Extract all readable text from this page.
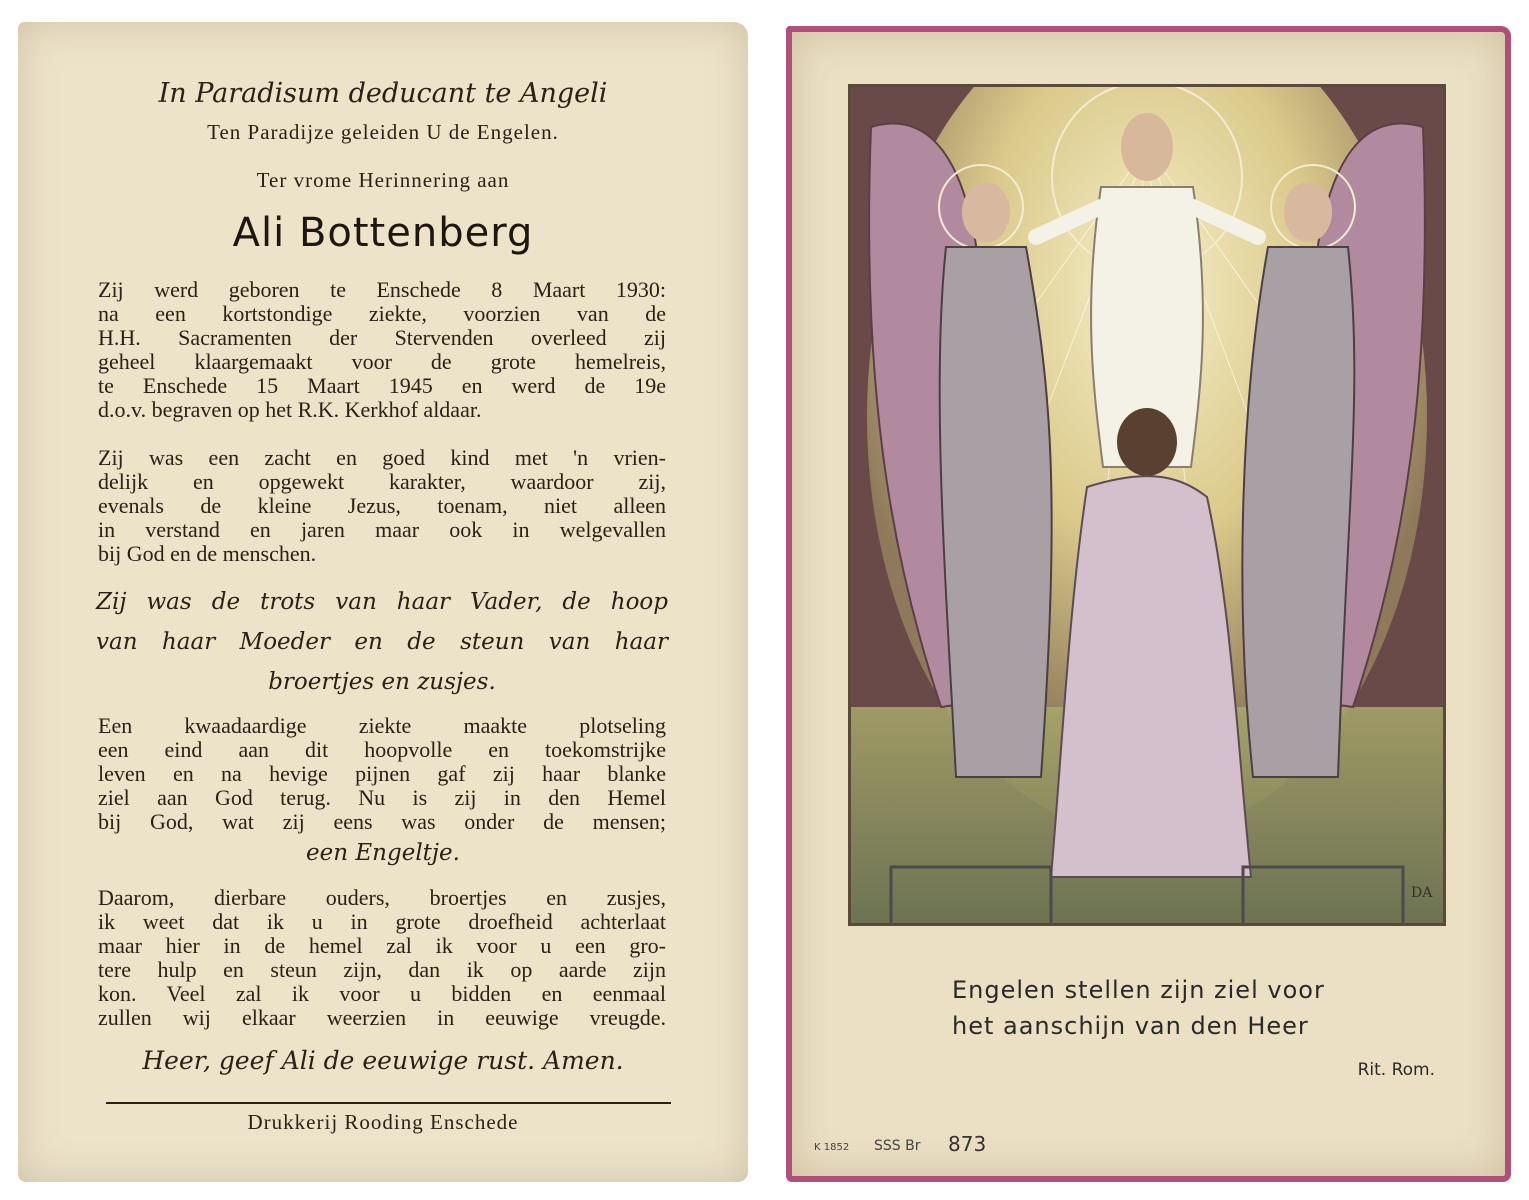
In Paradisum deducant te Angeli
Ten Paradijze geleiden U de Engelen.
Ter vrome Herinnering aan
Ali Bottenberg
Zij werd geboren te Enschede 8 Maart 1930:
na een kortstondige ziekte, voorzien van de
H.H. Sacramenten der Stervenden overleed zij
geheel klaargemaakt voor de grote hemelreis,
te Enschede 15 Maart 1945 en werd de 19e
d.o.v. begraven op het R.K. Kerkhof aldaar.
Zij was een zacht en goed kind met 'n vrien-
delijk en opgewekt karakter, waardoor zij,
evenals de kleine Jezus, toenam, niet alleen
in verstand en jaren maar ook in welgevallen
bij God en de menschen.
Zij was de trots van haar Vader, de hoop
van haar Moeder en de steun van haar
broertjes en zusjes.
Een kwaadaardige ziekte maakte plotseling
een eind aan dit hoopvolle en toekomstrijke
leven en na hevige pijnen gaf zij haar blanke
ziel aan God terug. Nu is zij in den Hemel
bij God, wat zij eens was onder de mensen;
een Engeltje.
Daarom, dierbare ouders, broertjes en zusjes,
ik weet dat ik u in grote droefheid achterlaat
maar hier in de hemel zal ik voor u een gro-
tere hulp en steun zijn, dan ik op aarde zijn
kon. Veel zal ik voor u bidden en eenmaal
zullen wij elkaar weerzien in eeuwige vreugde.
Heer, geef Ali de eeuwige rust. Amen.
Drukkerij Rooding Enschede
DA
Engelen stellen zijn ziel voor
het aanschijn van den Heer
Rit. Rom.
K 1852 SSS Br 873
